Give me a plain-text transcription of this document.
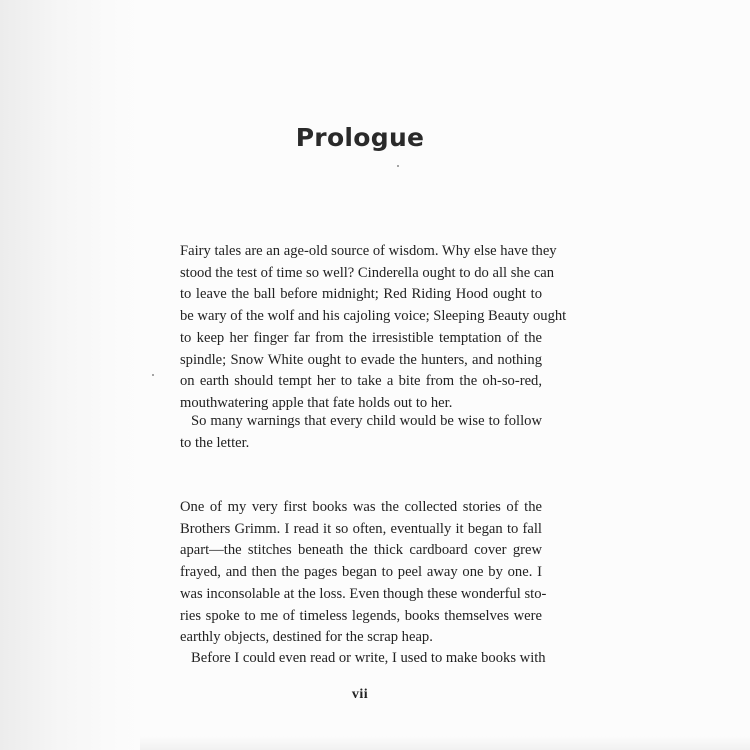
Prologue

Fairy tales are an age-old source of wisdom. Why else have they

stood the test of time so well? Cinderella ought to do all she can

to leave the ball before midnight; Red Riding Hood ought to

be wary of the wolf and his cajoling voice; Sleeping Beauty ought

to keep her finger far from the irresistible temptation of the

spindle; Snow White ought to evade the hunters, and nothing

on earth should tempt her to take a bite from the oh-so-red,

mouthwatering apple that fate holds out to her.

So many warnings that every child would be wise to follow

to the letter.

One of my very first books was the collected stories of the

Brothers Grimm. I read it so often, eventually it began to fall

apart—the stitches beneath the thick cardboard cover grew

frayed, and then the pages began to peel away one by one. I

was inconsolable at the loss. Even though these wonderful sto-

ries spoke to me of timeless legends, books themselves were

earthly objects, destined for the scrap heap.

Before I could even read or write, I used to make books with

vii
